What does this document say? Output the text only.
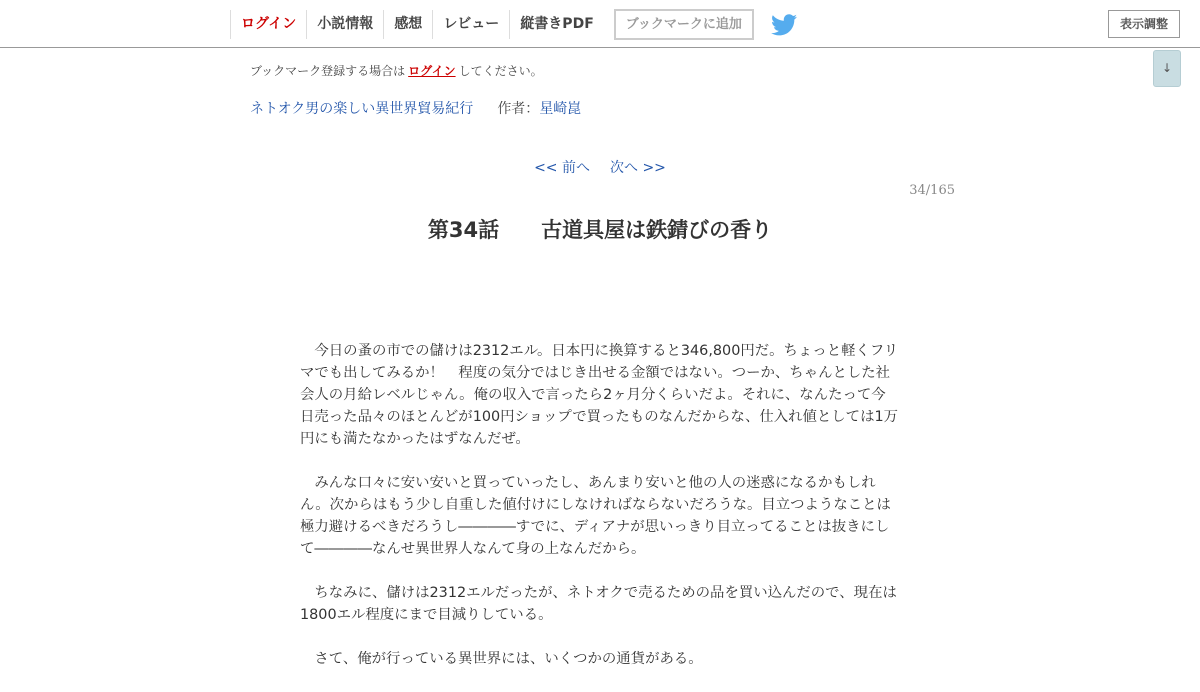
ログイン	小説情報	感想	レビュー	縦書きPDF	ブックマークに追加	表示調整
↓
ブックマーク登録する場合は ログイン してください。
ネトオク男の楽しい異世界貿易紀行 作者：星崎崑
<< 前へ 次へ >>
34/165
第34話　　古道具屋は鉄錆びの香り

　今日の蚤の市での儲けは2312エル。日本円に換算すると346,800円だ。ちょっと軽くフリマでも出してみるか！　程度の気分ではじき出せる金額ではない。つーか、ちゃんとした社会人の月給レベルじゃん。俺の収入で言ったら2ヶ月分くらいだよ。それに、なんたって今日売った品々のほとんどが100円ショップで買ったものなんだからな、仕入れ値としては1万円にも満たなかったはずなんだぜ。

　みんな口々に安い安いと買っていったし、あんまり安いと他の人の迷惑になるかもしれん。次からはもう少し自重した値付けにしなければならないだろうな。目立つようなことは極力避けるべきだろうし――――すでに、ディアナが思いっきり目立ってることは抜きにして――――なんせ異世界人なんて身の上なんだから。

　ちなみに、儲けは2312エルだったが、ネトオクで売るための品を買い込んだので、現在は1800エル程度にまで目減りしている。

　さて、俺が行っている異世界には、いくつかの通貨がある。
